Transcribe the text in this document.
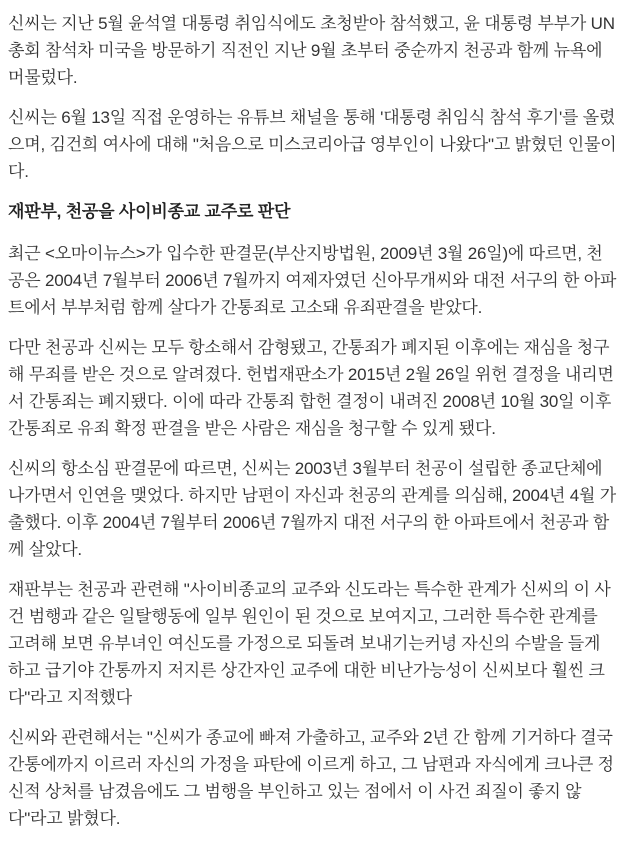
신씨는 지난 5월 윤석열 대통령 취임식에도 초청받아 참석했고, 윤 대통령 부부가 UN총회 참석차 미국을 방문하기 직전인 지난 9월 초부터 중순까지 천공과 함께 뉴욕에 머물렀다.

신씨는 6월 13일 직접 운영하는 유튜브 채널을 통해 '대통령 취임식 참석 후기'를 올렸으며, 김건희 여사에 대해 "처음으로 미스코리아급 영부인이 나왔다"고 밝혔던 인물이다.

재판부, 천공을 사이비종교 교주로 판단

최근 <오마이뉴스>가 입수한 판결문(부산지방법원, 2009년 3월 26일)에 따르면, 천공은 2004년 7월부터 2006년 7월까지 여제자였던 신아무개씨와 대전 서구의 한 아파트에서 부부처럼 함께 살다가 간통죄로 고소돼 유죄판결을 받았다.

다만 천공과 신씨는 모두 항소해서 감형됐고, 간통죄가 폐지된 이후에는 재심을 청구해 무죄를 받은 것으로 알려졌다. 헌법재판소가 2015년 2월 26일 위헌 결정을 내리면서 간통죄는 폐지됐다. 이에 따라 간통죄 합헌 결정이 내려진 2008년 10월 30일 이후 간통죄로 유죄 확정 판결을 받은 사람은 재심을 청구할 수 있게 됐다.

신씨의 항소심 판결문에 따르면, 신씨는 2003년 3월부터 천공이 설립한 종교단체에 나가면서 인연을 맺었다. 하지만 남편이 자신과 천공의 관계를 의심해, 2004년 4월 가출했다. 이후 2004년 7월부터 2006년 7월까지 대전 서구의 한 아파트에서 천공과 함께 살았다.

재판부는 천공과 관련해 "사이비종교의 교주와 신도라는 특수한 관계가 신씨의 이 사건 범행과 같은 일탈행동에 일부 원인이 된 것으로 보여지고, 그러한 특수한 관계를 고려해 보면 유부녀인 여신도를 가정으로 되돌려 보내기는커녕 자신의 수발을 들게 하고 급기야 간통까지 저지른 상간자인 교주에 대한 비난가능성이 신씨보다 훨씬 크다"라고 지적했다

신씨와 관련해서는 "신씨가 종교에 빠져 가출하고, 교주와 2년 간 함께 기거하다 결국 간통에까지 이르러 자신의 가정을 파탄에 이르게 하고, 그 남편과 자식에게 크나큰 정신적 상처를 남겼음에도 그 범행을 부인하고 있는 점에서 이 사건 죄질이 좋지 않다"라고 밝혔다.
